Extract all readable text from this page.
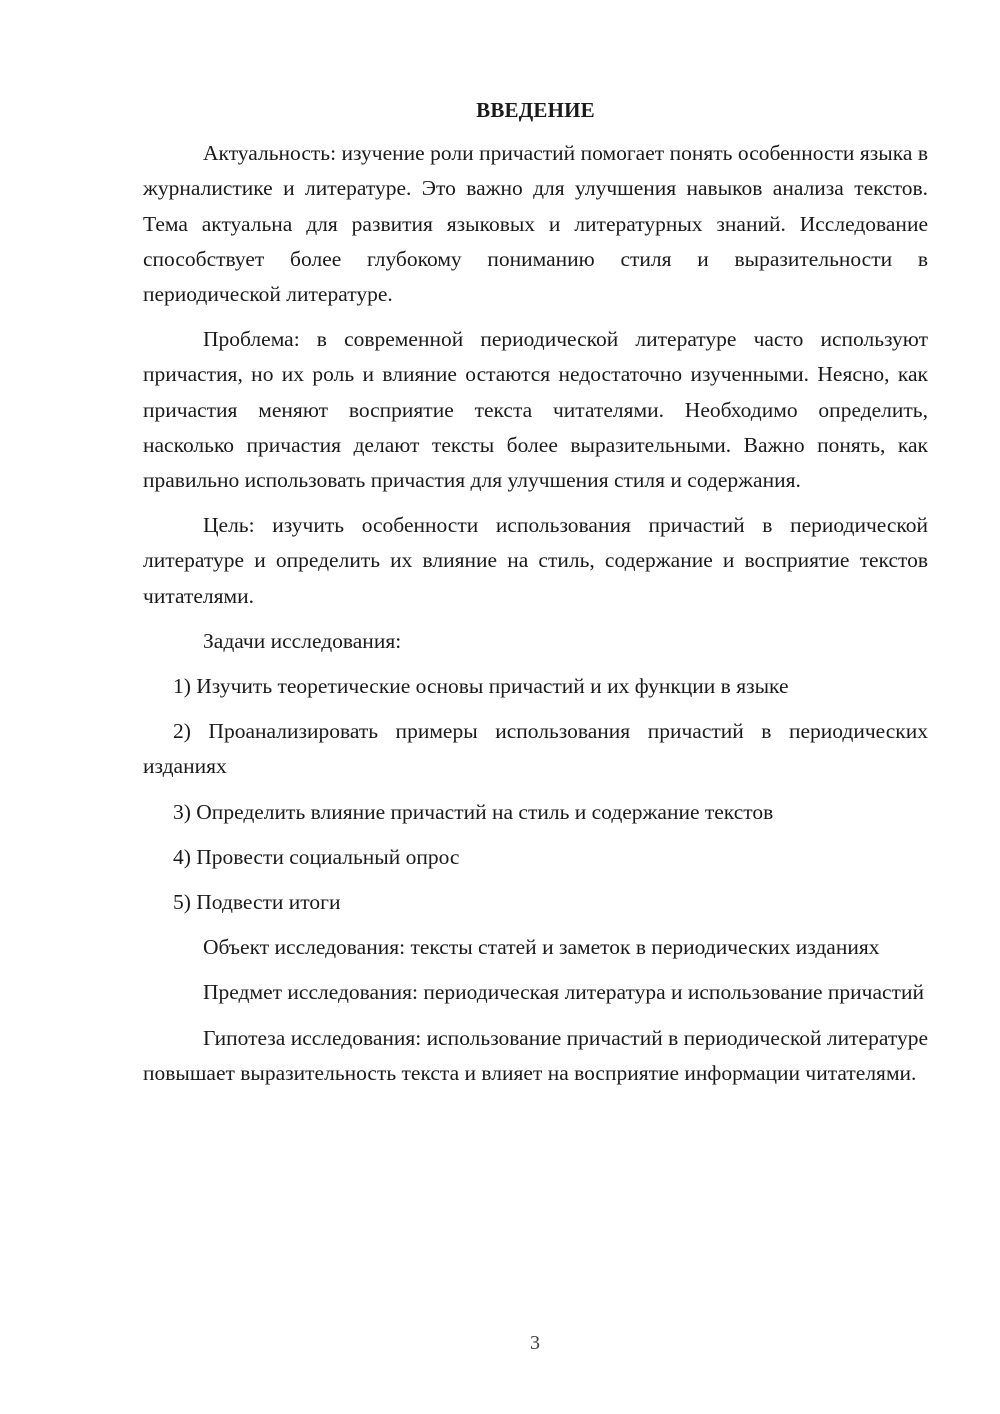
ВВЕДЕНИЕ

Актуальность: изучение роли причастий помогает понять особенности языка в журналистике и литературе. Это важно для улучшения навыков анализа текстов. Тема актуальна для развития языковых и литературных знаний. Исследование способствует более глубокому пониманию стиля и выразительности в периодической литературе.

Проблема: в современной периодической литературе часто используют причастия, но их роль и влияние остаются недостаточно изученными. Неясно, как причастия меняют восприятие текста читателями. Необходимо определить, насколько причастия делают тексты более выразительными. Важно понять, как правильно использовать причастия для улучшения стиля и содержания.

Цель: изучить особенности использования причастий в периодической литературе и определить их влияние на стиль, содержание и восприятие текстов читателями.

Задачи исследования:

1) Изучить теоретические основы причастий и их функции в языке

2) Проанализировать примеры использования причастий в периодических изданиях

3) Определить влияние причастий на стиль и содержание текстов

4) Провести социальный опрос

5) Подвести итоги

Объект исследования: тексты статей и заметок в периодических изданиях

Предмет исследования: периодическая литература и использование причастий

Гипотеза исследования: использование причастий в периодической литературе повышает выразительность текста и влияет на восприятие информации читателями.

3
